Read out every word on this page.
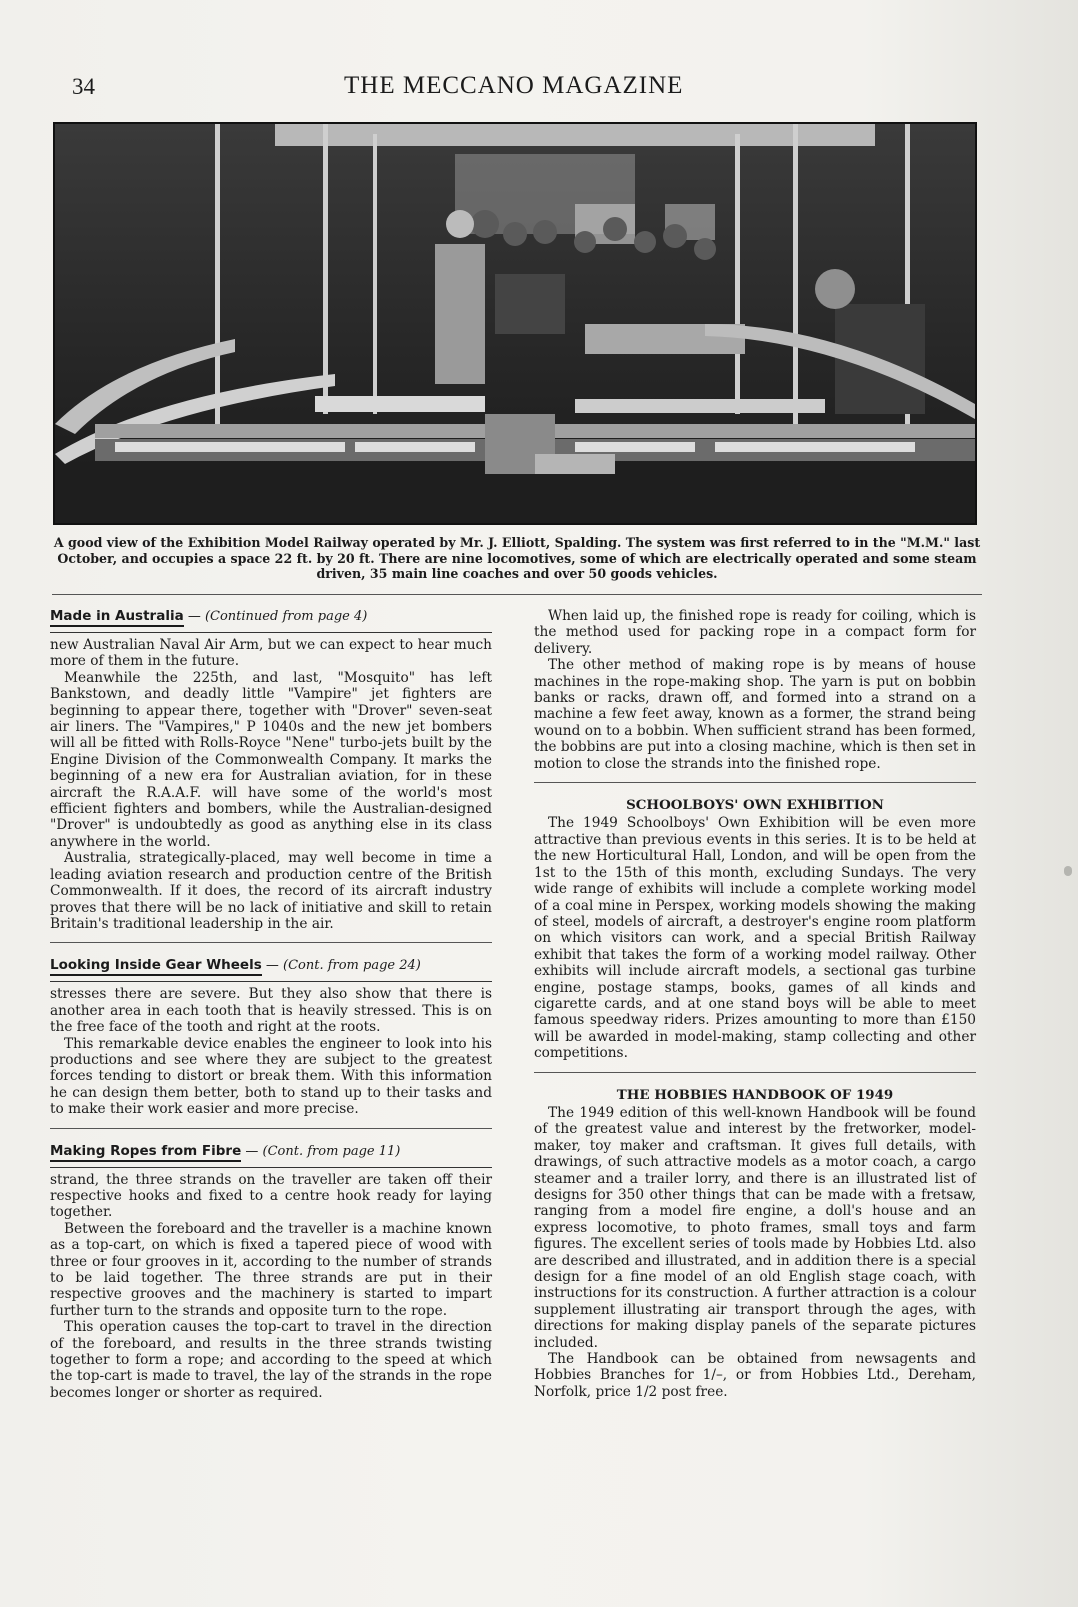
34	THE MECCANO MAGAZINE
A good view of the Exhibition Model Railway operated by Mr. J. Elliott, Spalding. The system was first referred to in the "M.M." last October, and occupies a space 22 ft. by 20 ft. There are nine locomotives, some of which are electrically operated and some steam driven, 35 main line coaches and over 50 goods vehicles.
Made in Australia — (Continued from page 4)

new Australian Naval Air Arm, but we can expect to hear much more of them in the future.

Meanwhile the 225th, and last, "Mosquito" has left Bankstown, and deadly little "Vampire" jet fighters are beginning to appear there, together with "Drover" seven-seat air liners. The "Vampires," P 1040s and the new jet bombers will all be fitted with Rolls-Royce "Nene" turbo-jets built by the Engine Division of the Commonwealth Company. It marks the beginning of a new era for Australian aviation, for in these aircraft the R.A.A.F. will have some of the world's most efficient fighters and bombers, while the Australian-designed "Drover" is undoubtedly as good as anything else in its class anywhere in the world.

Australia, strategically-placed, may well become in time a leading aviation research and production centre of the British Commonwealth. If it does, the record of its aircraft industry proves that there will be no lack of initiative and skill to retain Britain's traditional leadership in the air.

Looking Inside Gear Wheels — (Cont. from page 24)

stresses there are severe. But they also show that there is another area in each tooth that is heavily stressed. This is on the free face of the tooth and right at the roots.

This remarkable device enables the engineer to look into his productions and see where they are subject to the greatest forces tending to distort or break them. With this information he can design them better, both to stand up to their tasks and to make their work easier and more precise.

Making Ropes from Fibre — (Cont. from page 11)

strand, the three strands on the traveller are taken off their respective hooks and fixed to a centre hook ready for laying together.

Between the foreboard and the traveller is a machine known as a top-cart, on which is fixed a tapered piece of wood with three or four grooves in it, according to the number of strands to be laid together. The three strands are put in their respective grooves and the machinery is started to impart further turn to the strands and opposite turn to the rope.

This operation causes the top-cart to travel in the direction of the foreboard, and results in the three strands twisting together to form a rope; and according to the speed at which the top-cart is made to travel, the lay of the strands in the rope becomes longer or shorter as required.

When laid up, the finished rope is ready for coiling, which is the method used for packing rope in a compact form for delivery.

The other method of making rope is by means of house machines in the rope-making shop. The yarn is put on bobbin banks or racks, drawn off, and formed into a strand on a machine a few feet away, known as a former, the strand being wound on to a bobbin. When sufficient strand has been formed, the bobbins are put into a closing machine, which is then set in motion to close the strands into the finished rope.

SCHOOLBOYS' OWN EXHIBITION

The 1949 Schoolboys' Own Exhibition will be even more attractive than previous events in this series. It is to be held at the new Horticultural Hall, London, and will be open from the 1st to the 15th of this month, excluding Sundays. The very wide range of exhibits will include a complete working model of a coal mine in Perspex, working models showing the making of steel, models of aircraft, a destroyer's engine room platform on which visitors can work, and a special British Railway exhibit that takes the form of a working model railway. Other exhibits will include aircraft models, a sectional gas turbine engine, postage stamps, books, games of all kinds and cigarette cards, and at one stand boys will be able to meet famous speedway riders. Prizes amounting to more than £150 will be awarded in model-making, stamp collecting and other competitions.

THE HOBBIES HANDBOOK OF 1949

The 1949 edition of this well-known Handbook will be found of the greatest value and interest by the fretworker, model-maker, toy maker and craftsman. It gives full details, with drawings, of such attractive models as a motor coach, a cargo steamer and a trailer lorry, and there is an illustrated list of designs for 350 other things that can be made with a fretsaw, ranging from a model fire engine, a doll's house and an express locomotive, to photo frames, small toys and farm figures. The excellent series of tools made by Hobbies Ltd. also are described and illustrated, and in addition there is a special design for a fine model of an old English stage coach, with instructions for its construction. A further attraction is a colour supplement illustrating air transport through the ages, with directions for making display panels of the separate pictures included.

The Handbook can be obtained from newsagents and Hobbies Branches for 1/–, or from Hobbies Ltd., Dereham, Norfolk, price 1/2 post free.
